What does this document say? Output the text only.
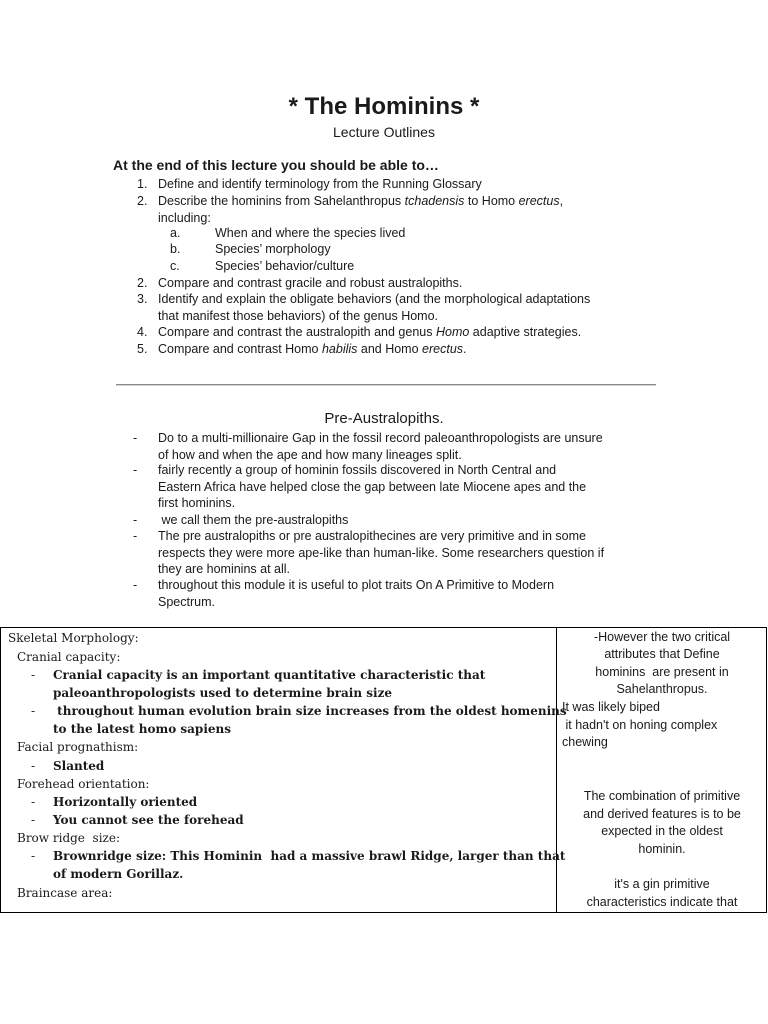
* The Hominins *
Lecture Outlines
At the end of this lecture you should be able to…
1. Define and identify terminology from the Running Glossary
2. Describe the hominins from Sahelanthropus tchadensis to Homo erectus,
including:
a.	When and where the species lived
b.	Species’ morphology
c.	Species’ behavior/culture
2. Compare and contrast gracile and robust australopiths.
3. Identify and explain the obligate behaviors (and the morphological adaptations
that manifest those behaviors) of the genus Homo.
4. Compare and contrast the australopith and genus Homo adaptive strategies.
5. Compare and contrast Homo habilis and Homo erectus.
Pre-Australopiths.
- Do to a multi-millionaire Gap in the fossil record paleoanthropologists are unsure
of how and when the ape and how many lineages split.
- fairly recently a group of hominin fossils discovered in North Central and
Eastern Africa have helped close the gap between late Miocene apes and the
first hominins.
- we call them the pre-australopiths
- The pre australopiths or pre australopithecines are very primitive and in some
respects they were more ape-like than human-like. Some researchers question if
they are hominins at all.
- throughout this module it is useful to plot traits On A Primitive to Modern
Spectrum.
Skeletal Morphology:
Cranial capacity:
- Cranial capacity is an important quantitative characteristic that
paleoanthropologists used to determine brain size
- throughout human evolution brain size increases from the oldest homenins
to the latest homo sapiens
Facial prognathism:
- Slanted
Forehead orientation:
- Horizontally oriented
- You cannot see the forehead
Brow ridge  size:
- Brownridge size: This Hominin  had a massive brawl Ridge, larger than that
of modern Gorillaz.
Braincase area:
-However the two critical
attributes that Define
hominins  are present in
Sahelanthropus.
It was likely biped
it hadn't on honing complex
chewing
The combination of primitive
and derived features is to be
expected in the oldest
hominin.
it's a gin primitive
characteristics indicate that
